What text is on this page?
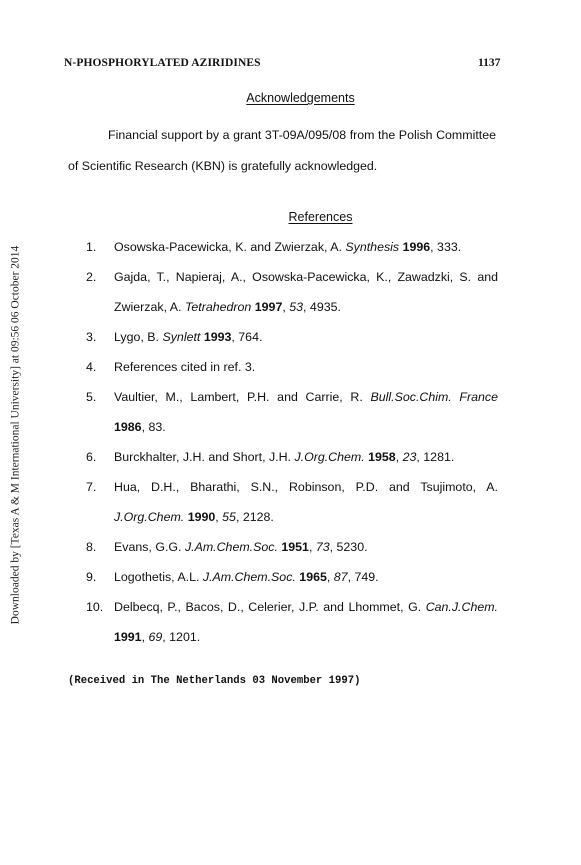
Downloaded by [Texas A & M International University] at 09:56 06 October 2014
N-PHOSPHORYLATED AZIRIDINES	1137
Acknowledgements

Financial support by a grant 3T-09A/095/08 from the Polish Committee of Scientific Research (KBN) is gratefully acknowledged.

References
1.	Osowska-Pacewicka, K. and Zwierzak, A. Synthesis 1996, 333.
2.	Gajda, T., Napieraj, A., Osowska-Pacewicka, K., Zawadzki, S. and Zwierzak, A. Tetrahedron 1997, 53, 4935.
3.	Lygo, B. Synlett 1993, 764.
4.	References cited in ref. 3.
5.	Vaultier, M., Lambert, P.H. and Carrie, R. Bull.Soc.Chim. France 1986, 83.
6.	Burckhalter, J.H. and Short, J.H. J.Org.Chem. 1958, 23, 1281.
7.	Hua, D.H., Bharathi, S.N., Robinson, P.D. and Tsujimoto, A. J.Org.Chem. 1990, 55, 2128.
8.	Evans, G.G. J.Am.Chem.Soc. 1951, 73, 5230.
9.	Logothetis, A.L. J.Am.Chem.Soc. 1965, 87, 749.
10. Delbecq, P., Bacos, D., Celerier, J.P. and Lhommet, G. Can.J.Chem. 1991, 69, 1201.
(Received in The Netherlands 03 November 1997)
